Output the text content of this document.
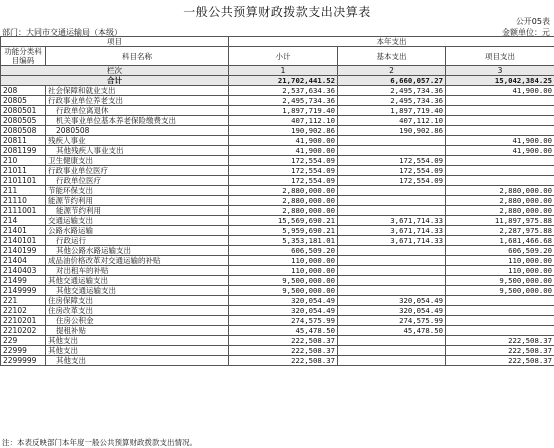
一般公共预算财政拨款支出决算表
公开05表
部门：大同市交通运输局（本级）	金额单位：元
项目		本年支出		
功能分类科目编码	科目名称	小计	基本支出	项目支出
栏次		1	2	3
合计		21,702,441.52	6,660,057.27	15,042,384.25
208	社会保障和就业支出	2,537,634.36	2,495,734.36	41,900.00
20805	行政事业单位养老支出	2,495,734.36	2,495,734.36	
2080501	行政单位离退休	1,897,719.40	1,897,719.40	
2080505	机关事业单位基本养老保险缴费支出	407,112.10	407,112.10	
2080508	2080508	190,902.86	190,902.86	
20811	残疾人事业	41,900.00		41,900.00
2081199	其他残疾人事业支出	41,900.00		41,900.00
210	卫生健康支出	172,554.09	172,554.09	
21011	行政事业单位医疗	172,554.09	172,554.09	
2101101	行政单位医疗	172,554.09	172,554.09	
211	节能环保支出	2,880,000.00		2,880,000.00
21110	能源节约利用	2,880,000.00		2,880,000.00
2111001	能源节约利用	2,880,000.00		2,880,000.00
214	交通运输支出	15,569,690.21	3,671,714.33	11,897,975.88
21401	公路水路运输	5,959,690.21	3,671,714.33	2,287,975.88
2140101	行政运行	5,353,181.01	3,671,714.33	1,681,466.68
2140199	其他公路水路运输支出	606,509.20		606,509.20
21404	成品油价格改革对交通运输的补贴	110,000.00		110,000.00
2140403	对出租车的补贴	110,000.00		110,000.00
21499	其他交通运输支出	9,500,000.00		9,500,000.00
2149999	其他交通运输支出	9,500,000.00		9,500,000.00
221	住房保障支出	320,054.49	320,054.49	
22102	住房改革支出	320,054.49	320,054.49	
2210201	住房公积金	274,575.99	274,575.99	
2210202	提租补贴	45,478.50	45,478.50	
229	其他支出	222,508.37		222,508.37
22999	其他支出	222,508.37		222,508.37
2299999	其他支出	222,508.37		222,508.37
注：本表反映部门本年度一般公共预算财政拨款支出情况。
